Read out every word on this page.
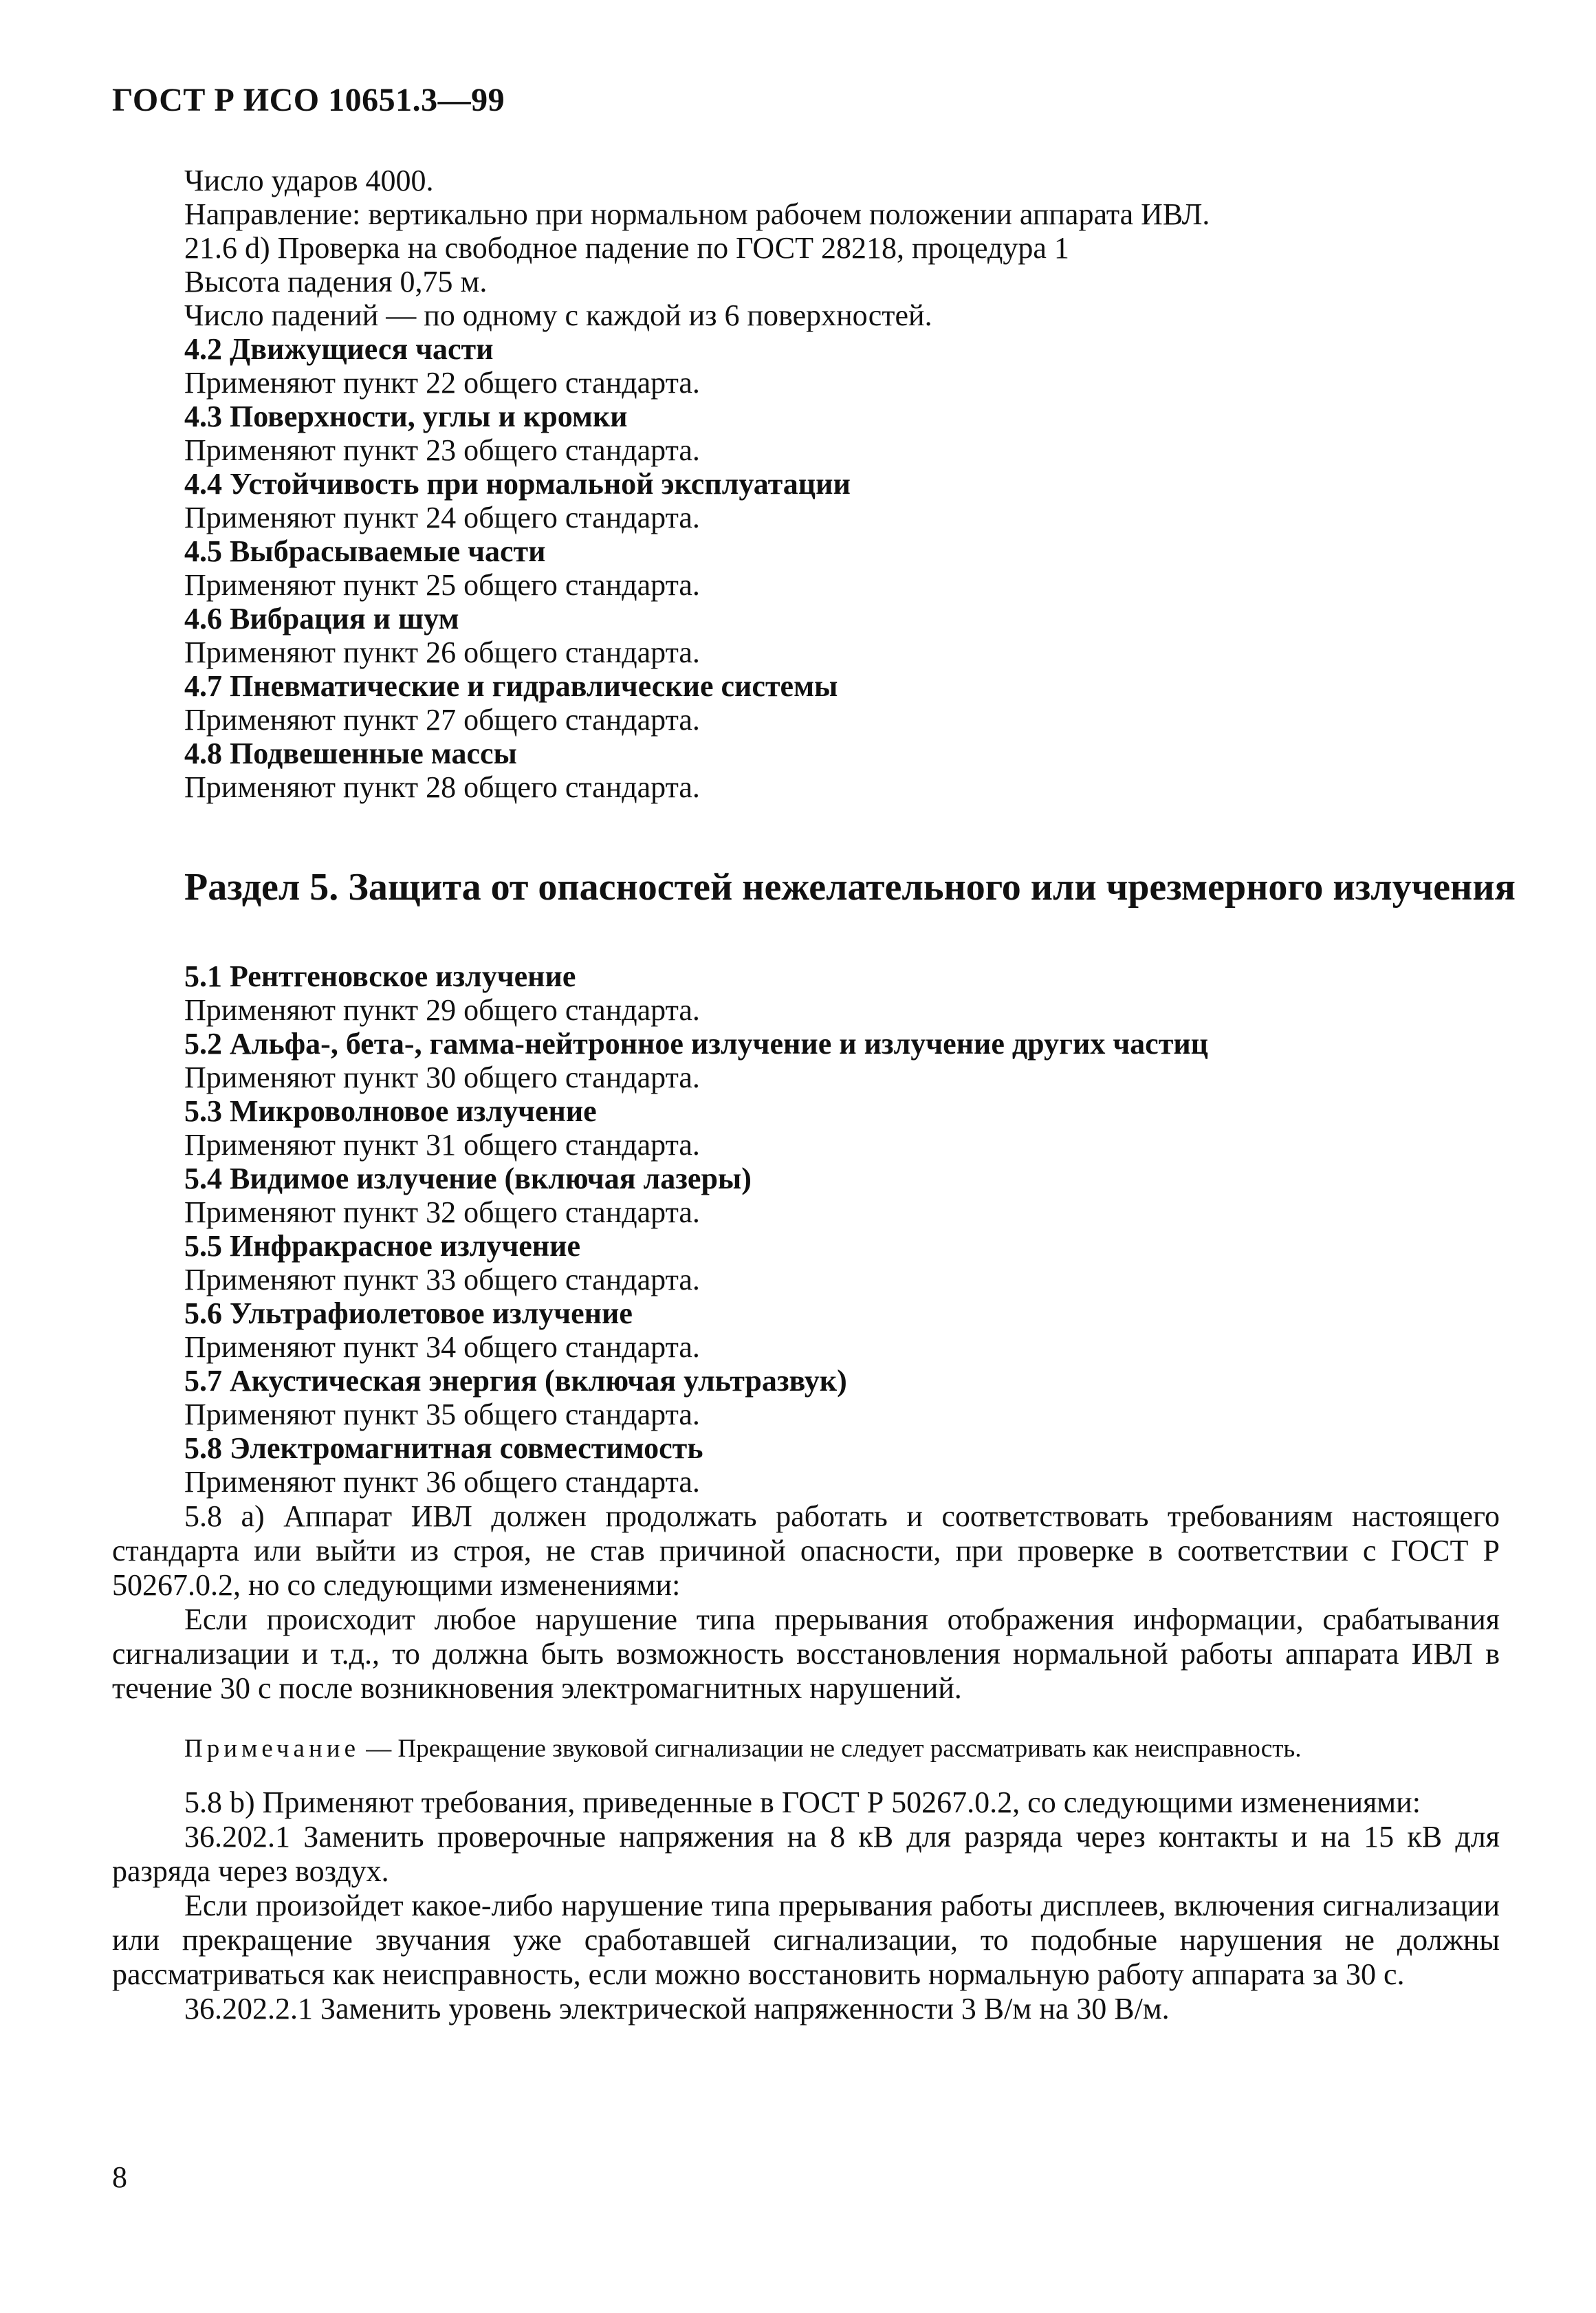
ГОСТ Р ИСО 10651.3—99
Число ударов 4000.
Направление: вертикально при нормальном рабочем положении аппарата ИВЛ.
21.6 d) Проверка на свободное падение по ГОСТ 28218, процедура 1
Высота падения 0,75 м.
Число падений — по одному с каждой из 6 поверхностей.
4.2 Движущиеся части
Применяют пункт 22 общего стандарта.
4.3 Поверхности, углы и кромки
Применяют пункт 23 общего стандарта.
4.4 Устойчивость при нормальной эксплуатации
Применяют пункт 24 общего стандарта.
4.5 Выбрасываемые части
Применяют пункт 25 общего стандарта.
4.6 Вибрация и шум
Применяют пункт 26 общего стандарта.
4.7 Пневматические и гидравлические системы
Применяют пункт 27 общего стандарта.
4.8 Подвешенные массы
Применяют пункт 28 общего стандарта.
Раздел 5. Защита от опасностей нежелательного или чрезмерного излучения
5.1 Рентгеновское излучение
Применяют пункт 29 общего стандарта.
5.2 Альфа-, бета-, гамма-нейтронное излучение и излучение других частиц
Применяют пункт 30 общего стандарта.
5.3 Микроволновое излучение
Применяют пункт 31 общего стандарта.
5.4 Видимое излучение (включая лазеры)
Применяют пункт 32 общего стандарта.
5.5 Инфракрасное излучение
Применяют пункт 33 общего стандарта.
5.6 Ультрафиолетовое излучение
Применяют пункт 34 общего стандарта.
5.7 Акустическая энергия (включая ультразвук)
Применяют пункт 35 общего стандарта.
5.8 Электромагнитная совместимость
Применяют пункт 36 общего стандарта.

5.8 а) Аппарат ИВЛ должен продолжать работать и соответствовать требованиям настоящего стандарта или выйти из строя, не став причиной опасности, при проверке в соответствии с ГОСТ Р 50267.0.2, но со следующими изменениями:

Если происходит любое нарушение типа прерывания отображения информации, срабатывания сигнализации и т.д., то должна быть возможность восстановления нормальной работы аппарата ИВЛ в течение 30 с после возникновения электромагнитных нарушений.

Примечание — Прекращение звуковой сигнализации не следует рассматривать как неисправность.

5.8 b) Применяют требования, приведенные в ГОСТ Р 50267.0.2, со следующими изменениями:

36.202.1 Заменить проверочные напряжения на 8 кВ для разряда через контакты и на 15 кВ для разряда через воздух.

Если произойдет какое-либо нарушение типа прерывания работы дисплеев, включения сигнализации или прекращение звучания уже сработавшей сигнализации, то подобные нарушения не должны рассматриваться как неисправность, если можно восстановить нормальную работу аппарата за 30 с.

36.202.2.1 Заменить уровень электрической напряженности 3 В/м на 30 В/м.

8
